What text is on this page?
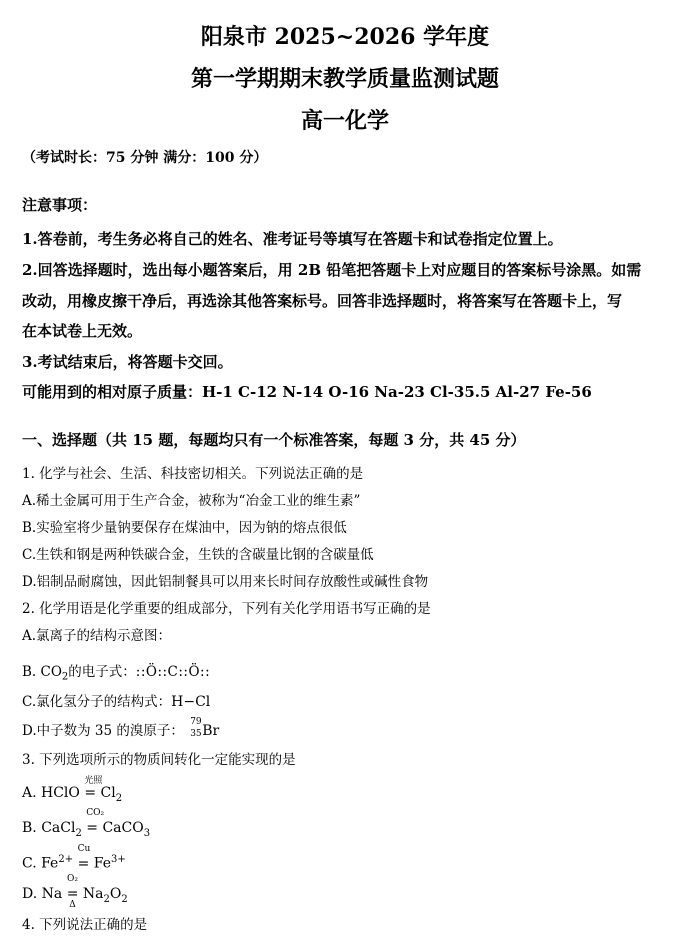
阳泉市 2025~2026 学年度
第一学期期末教学质量监测试题
高一化学
（考试时长：75 分钟 满分：100 分）
注意事项：
1.答卷前，考生务必将自己的姓名、准考证号等填写在答题卡和试卷指定位置上。
2.回答选择题时，选出每小题答案后，用 2B 铅笔把答题卡上对应题目的答案标号涂黑。如需
改动，用橡皮擦干净后，再选涂其他答案标号。回答非选择题时，将答案写在答题卡上，写
在本试卷上无效。
3.考试结束后，将答题卡交回。
可能用到的相对原子质量：H-1 C-12 N-14 O-16 Na-23 Cl-35.5 Al-27 Fe-56
一、选择题（共 15 题，每题均只有一个标准答案，每题 3 分，共 45 分）
1. 化学与社会、生活、科技密切相关。下列说法正确的是
A.稀土金属可用于生产合金，被称为“冶金工业的维生素”
B.实验室将少量钠要保存在煤油中，因为钠的熔点很低
C.生铁和钢是两种铁碳合金，生铁的含碳量比钢的含碳量低
D.铝制品耐腐蚀，因此铝制餐具可以用来长时间存放酸性或碱性食物
2. 化学用语是化学重要的组成部分，下列有关化学用语书写正确的是
A.氯离子的结构示意图：
B. $CO_2$的电子式：::Ö::C::Ö::
C.氯化氢分子的结构式：H−Cl
D.中子数为 35 的溴原子：
79
35 Br
3. 下列选项所示的物质间转化一定能实现的是
A. HClO
光照
= $Cl_2$
B. CaCl$_2$
CO₂
= CaCO$_3$
C. $Fe^{2+}$
Cu
= $Fe^{3+}$
D. Na
O₂
=
Δ
$Na_2O_2$
4. 下列说法正确的是
